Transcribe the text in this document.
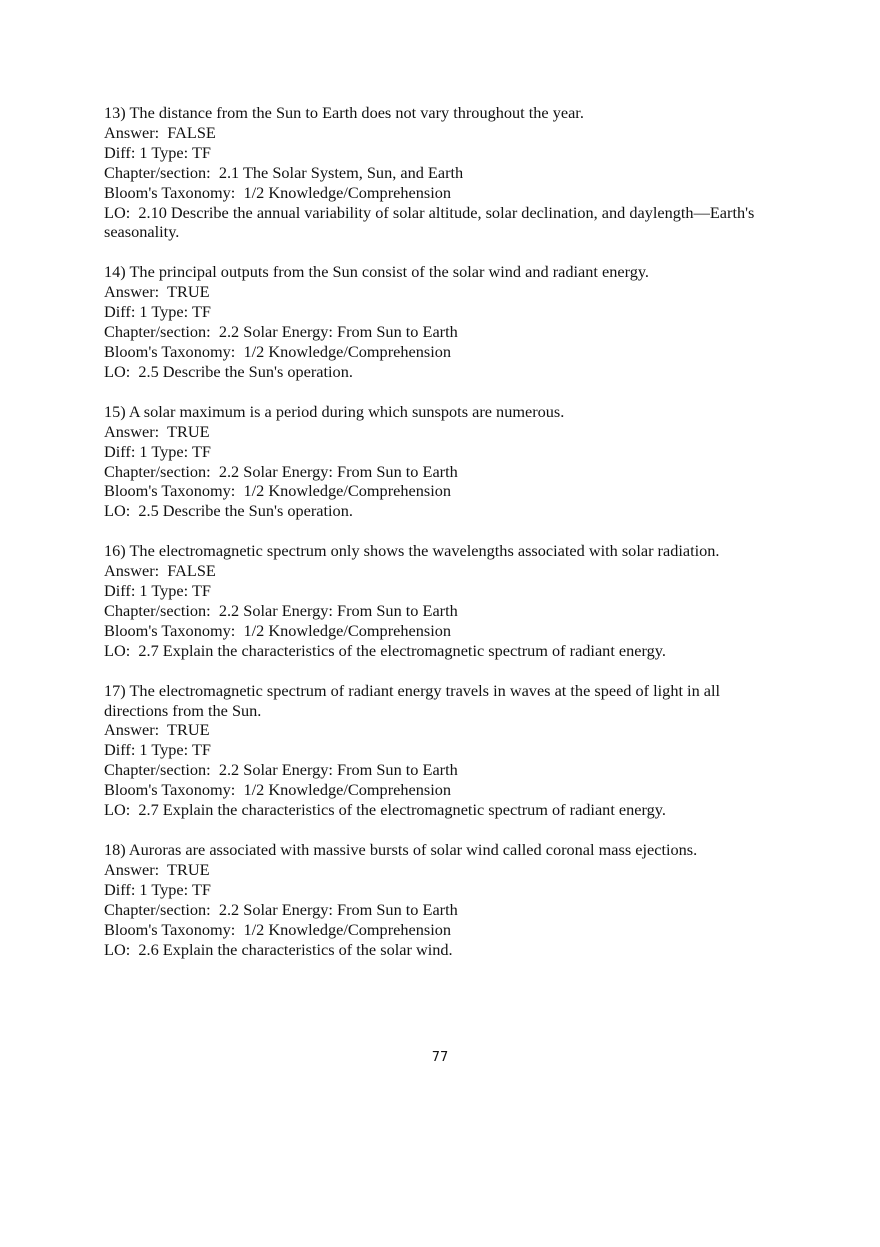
13) The distance from the Sun to Earth does not vary throughout the year.

Answer:  FALSE

Diff: 1 Type: TF

Chapter/section:  2.1 The Solar System, Sun, and Earth

Bloom's Taxonomy:  1/2 Knowledge/Comprehension

LO:  2.10 Describe the annual variability of solar altitude, solar declination, and daylength—Earth's seasonality.

14) The principal outputs from the Sun consist of the solar wind and radiant energy.

Answer:  TRUE

Diff: 1 Type: TF

Chapter/section:  2.2 Solar Energy: From Sun to Earth

Bloom's Taxonomy:  1/2 Knowledge/Comprehension

LO:  2.5 Describe the Sun's operation.

15) A solar maximum is a period during which sunspots are numerous.

Answer:  TRUE

Diff: 1 Type: TF

Chapter/section:  2.2 Solar Energy: From Sun to Earth

Bloom's Taxonomy:  1/2 Knowledge/Comprehension

LO:  2.5 Describe the Sun's operation.

16) The electromagnetic spectrum only shows the wavelengths associated with solar radiation.

Answer:  FALSE

Diff: 1 Type: TF

Chapter/section:  2.2 Solar Energy: From Sun to Earth

Bloom's Taxonomy:  1/2 Knowledge/Comprehension

LO:  2.7 Explain the characteristics of the electromagnetic spectrum of radiant energy.

17) The electromagnetic spectrum of radiant energy travels in waves at the speed of light in all directions from the Sun.

Answer:  TRUE

Diff: 1 Type: TF

Chapter/section:  2.2 Solar Energy: From Sun to Earth

Bloom's Taxonomy:  1/2 Knowledge/Comprehension

LO:  2.7 Explain the characteristics of the electromagnetic spectrum of radiant energy.

18) Auroras are associated with massive bursts of solar wind called coronal mass ejections.

Answer:  TRUE

Diff: 1 Type: TF

Chapter/section:  2.2 Solar Energy: From Sun to Earth

Bloom's Taxonomy:  1/2 Knowledge/Comprehension

LO:  2.6 Explain the characteristics of the solar wind.

77
